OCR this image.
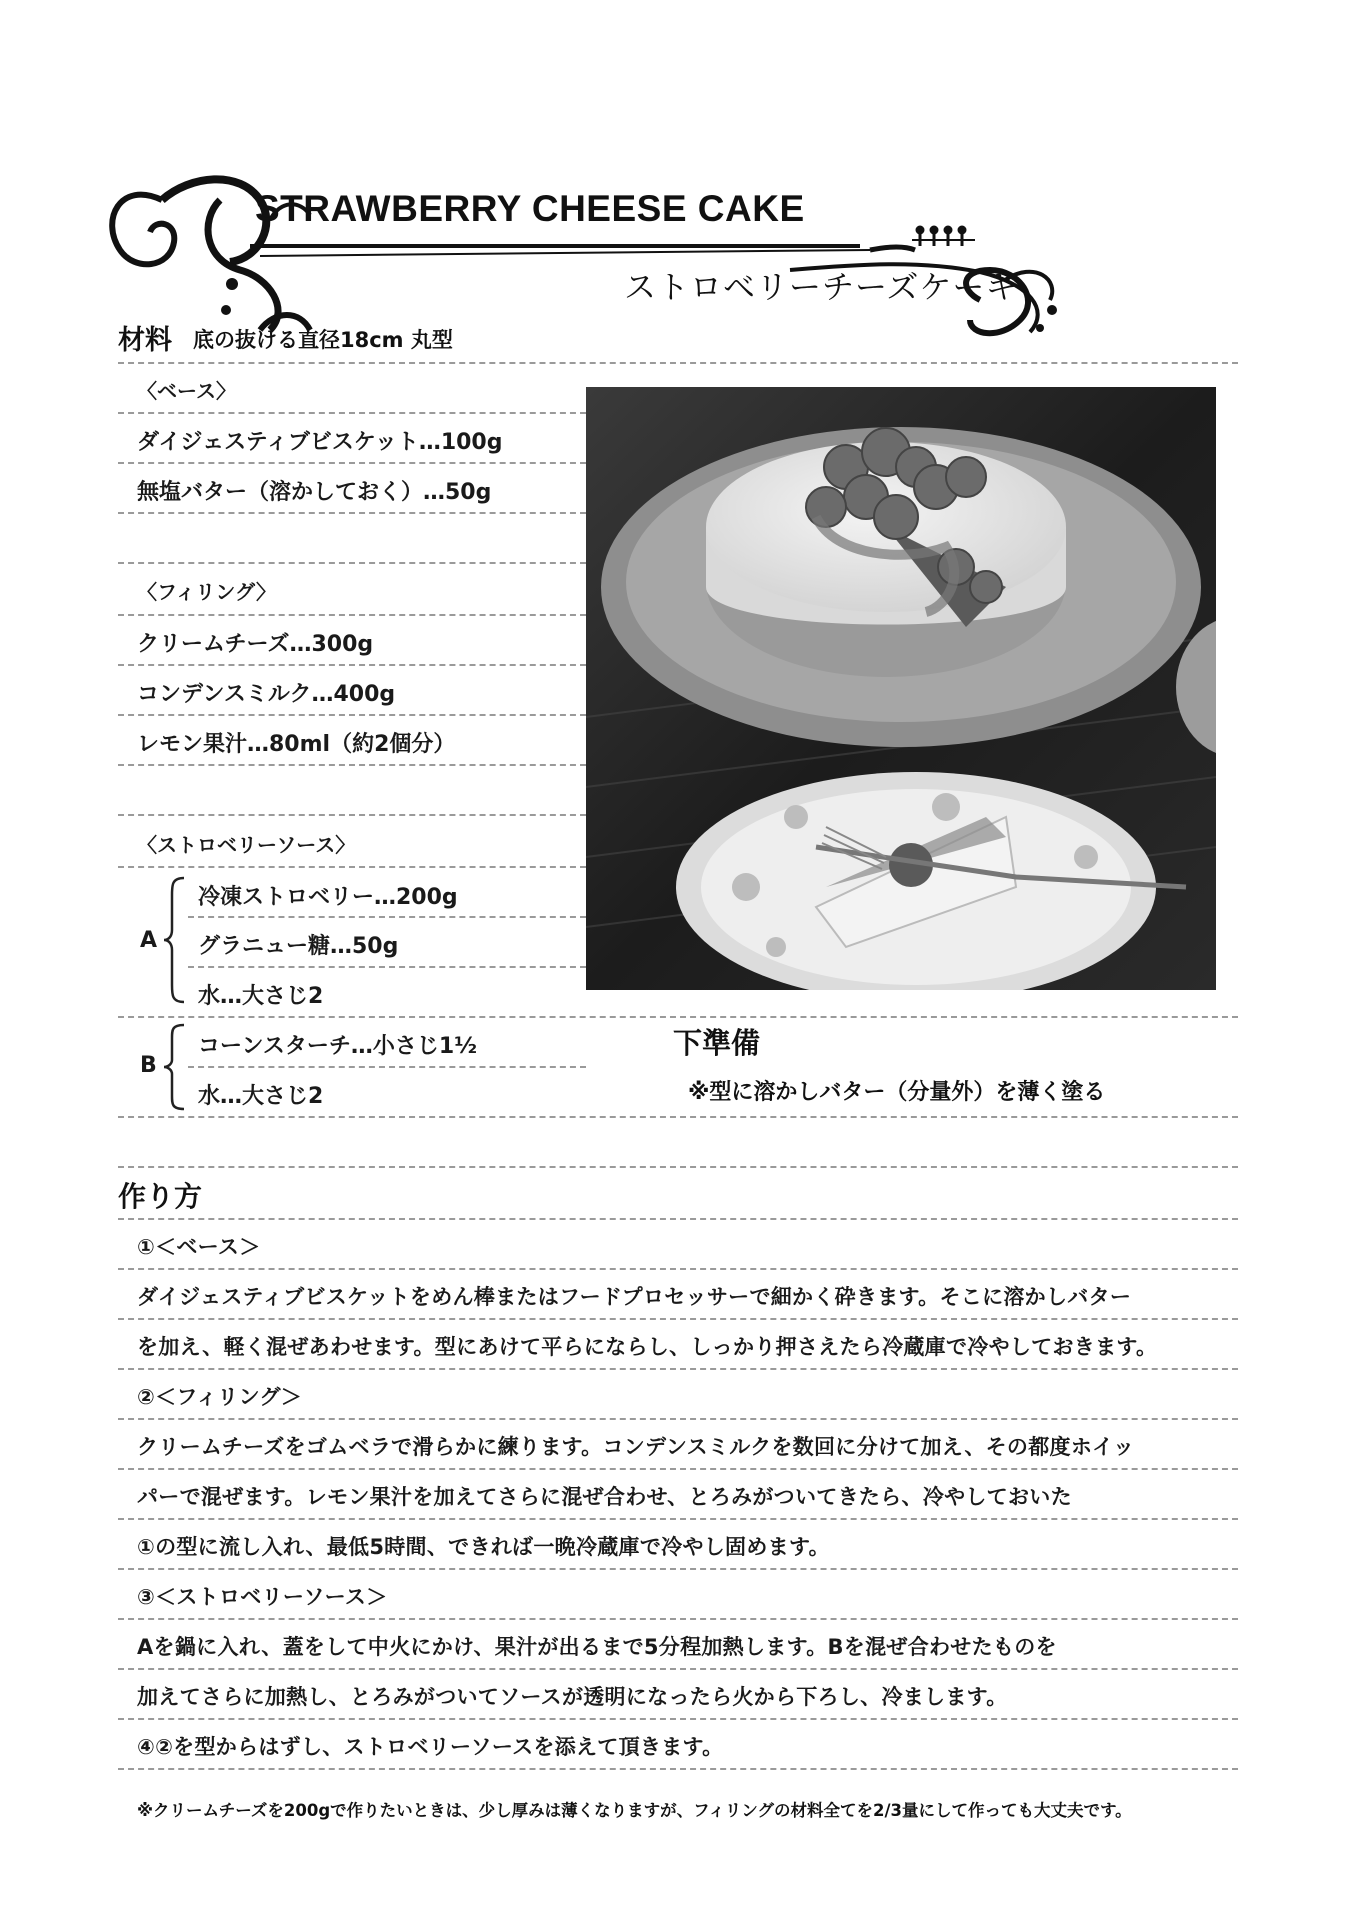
STRAWBERRY CHEESE CAKE
ストロベリーチーズケーキ
材料 底の抜ける直径18cm 丸型
〈ベース〉
ダイジェスティブビスケット…100g
無塩バター（溶かしておく）…50g
〈フィリング〉
クリームチーズ…300g
コンデンスミルク…400g
レモン果汁…80ml（約2個分）
〈ストロベリーソース〉
A
冷凍ストロベリー…200g
グラニュー糖…50g
水…大さじ2
B
コーンスターチ…小さじ1½
水…大さじ2
下準備
※型に溶かしバター（分量外）を薄く塗る
作り方
①＜ベース＞
ダイジェスティブビスケットをめん棒またはフードプロセッサーで細かく砕きます。そこに溶かしバター
を加え、軽く混ぜあわせます。型にあけて平らにならし、しっかり押さえたら冷蔵庫で冷やしておきます。
②＜フィリング＞
クリームチーズをゴムベラで滑らかに練ります。コンデンスミルクを数回に分けて加え、その都度ホイッ
パーで混ぜます。レモン果汁を加えてさらに混ぜ合わせ、とろみがついてきたら、冷やしておいた
①の型に流し入れ、最低5時間、できれば一晩冷蔵庫で冷やし固めます。
③＜ストロベリーソース＞
Aを鍋に入れ、蓋をして中火にかけ、果汁が出るまで5分程加熱します。Bを混ぜ合わせたものを
加えてさらに加熱し、とろみがついてソースが透明になったら火から下ろし、冷まします。
④②を型からはずし、ストロベリーソースを添えて頂きます。
※クリームチーズを200gで作りたいときは、少し厚みは薄くなりますが、フィリングの材料全てを2/3量にして作っても大丈夫です。
